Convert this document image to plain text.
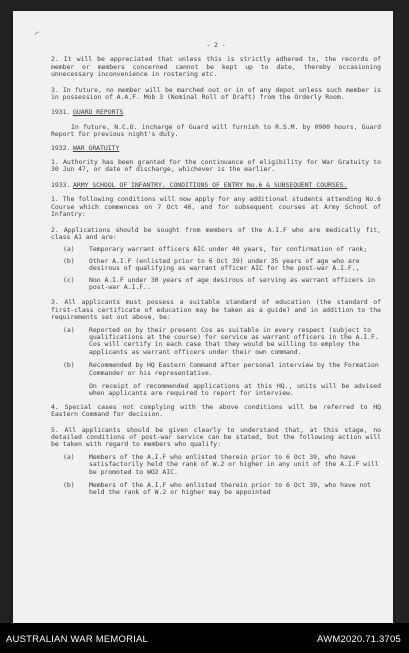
⌐
- 2 -

2. It will be appreciated that unless this is strictly adhered to, the records of member or members concerned cannot be kept up to date, thereby occasioning unnecessary inconvenience in rostering etc.

3. In future, no member will be marched out or in of any depot unless such member is in possession of A.A.F. Mob 3 (Nominal Roll of Draft) from the Orderly Room.

1931. GUARD REPORTS

In future, N.C.O. incharge of Guard will furnish to R.S.M. by 0900 hours, Guard Report for previous night's duty.

1932. WAR GRATUITY

1. Authority has been granted for the continuance of eligibility for War Gratuity to 30 Jun 47, or date of discharge, whichever is the earlier.

1933. ARMY SCHOOL OF INFANTRY. CONDITIONS OF ENTRY No.6 & SUBSEQUENT COURSES.

1. The following conditions will now apply for any additional students attending No.6 Course which commences on 7 Oct 46, and for subsequent courses at Army School of Infantry:

2. Applications should be sought from members of the A.I.F who are medically fit, class A1 and are:

(a)	Temporary warrant officers AIC under 40 years, for confirmation of rank;
(b)	Other A.I.F (enlisted prior to 6 Oct 39) under 35 years of age who are desirous of qualifying as warrant officer AIC for the post-war A.I.F.,
(c)	Non A.I.F under 30 years of age desirous of serving as warrant officers in post-war A.I.F..

3. All applicants must possess a suitable standard of education (the standard of first-class certificate of education may be taken as a guide) and in addition to the requirements set out above, be:

(a)	Reported on by their present Cos as suitable in every respect (subject to qualifications at the course) for service as warrant officers in the A.I.F. Cos will certify in each case that they would be willing to employ the applicants as warrant officers under their own command.
(b)	Recommended by HQ Eastern Command after personal interview by the Formation Commander or his representative.

On receipt of recommended applications at this HQ., units will be advised when applicants are required to report for interview.

4. Special cases not complying with the above conditions will be referred to HQ Eastern Command for decision.

5. All applicants should be given clearly to understand that, at this stage, no detailed conditions of post-war service can be stated, but the following action will be taken with regard to members who qualify:

(a)	Members of the A.I.F who enlisted therein prior to 6 Oct 39, who have satisfactorily held the rank of W.2 or higher in any unit of the A.I.F will be promoted to WO2 AIC.
(b)	Members of the A.I.F who enlisted therein prior to 6 Oct 39, who have not held the rank of W.2 or higher may be appointed
AUSTRALIAN WAR MEMORIAL	AWM2020.71.3705
